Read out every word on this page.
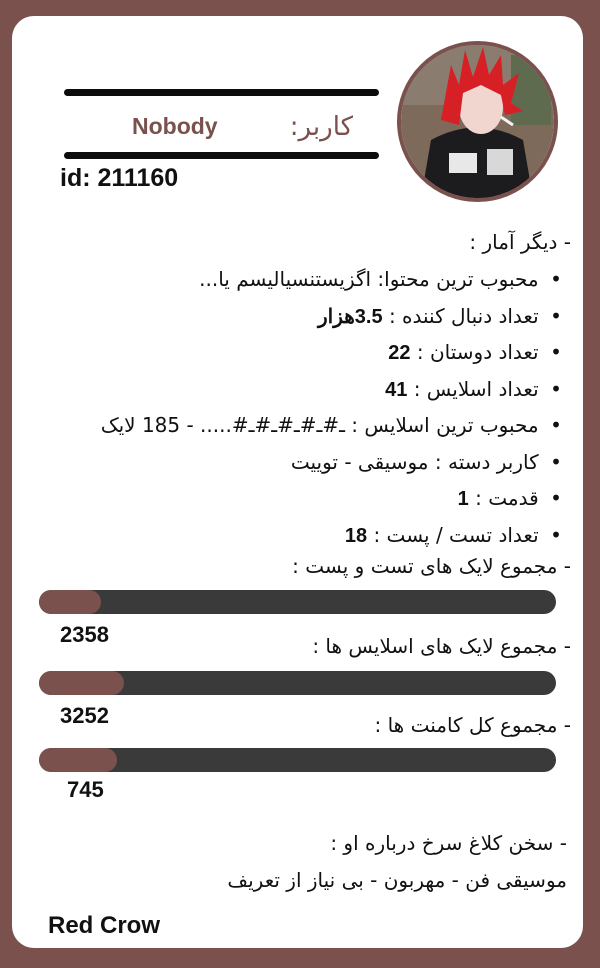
Nobody	کاربر:
id: 211160
- دیگر آمار :
• محبوب ترین محتوا: اگزیستنسیالیسم یا...
• تعداد دنبال کننده : 3.5هزار
• تعداد دوستان : 22
• تعداد اسلایس : 41
• محبوب ترین اسلایس : ـ#ـ#ـ#ـ#ـ#..... - 185 لایک
• کاربر دسته : موسیقی - توییت
• قدمت : 1
• تعداد تست / پست : 18
- مجموع لایک های تست و پست :
2358	- مجموع لایک های اسلایس ها :
3252	- مجموع کل کامنت ها :
745
- سخن کلاغ سرخ درباره او :
موسیقی فن - مهربون - بی نیاز از تعریف
Red Crow
